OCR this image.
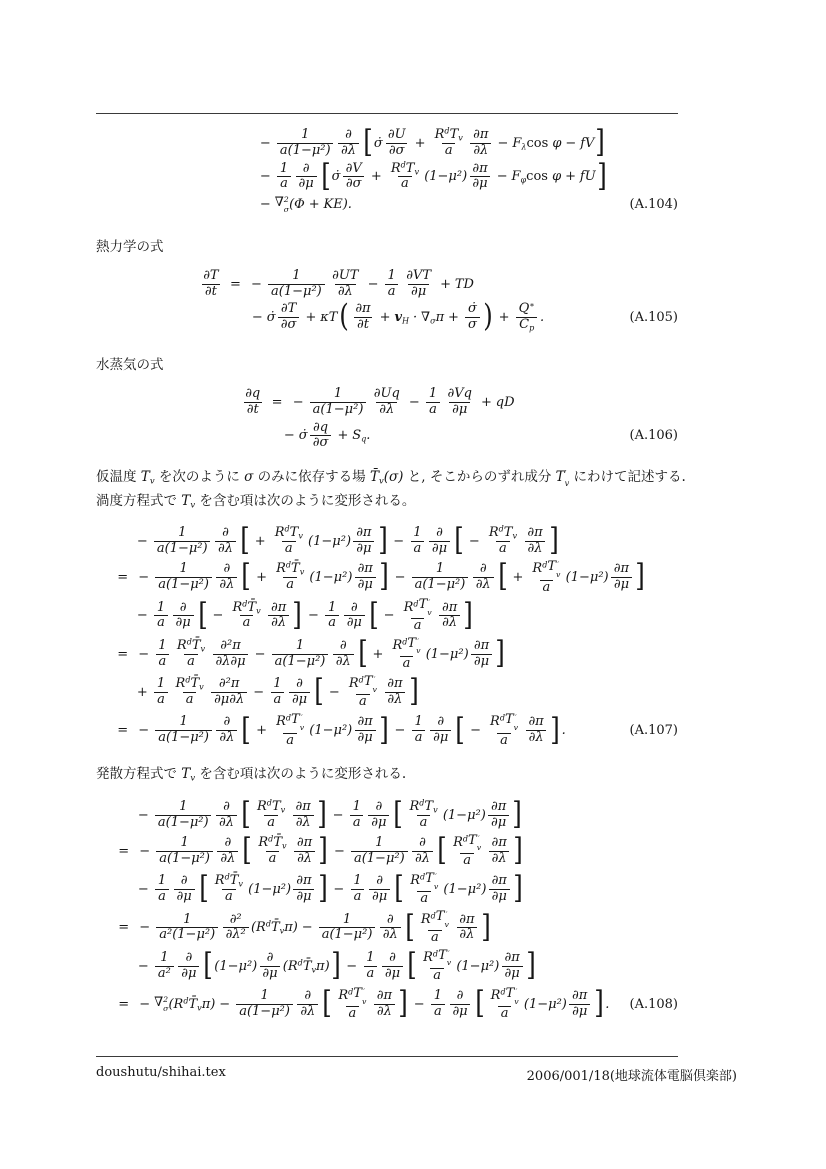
− $\frac{1}{\text{a(1−μ²)}}$ ∂
∂λ [ σ̇ $\frac{\partial U}{\partial\sigma}$ +
R d T v
a $\frac{\partial\pi}{\partial\lambda} - F$ λ cos φ − fV ]
− $\frac{1}{a}$ ∂
∂μ [ σ̇ $\frac{\partial V}{\partial\sigma}$ +
R d T v
a $(1-\mu^2) \frac{\partial\pi}{\partial\mu} - F$ φ cos φ + fU ]
− ∇ 2
σ (Φ + KE).	(A.104)
熱力学の式
$\frac{\partial T}{\partial t}$ = − $\frac{1}{\text{a(1−μ²)}} \frac{\partial UT}{\partial\lambda} - \frac{1}{a} \frac{\partial VT}{\partial\mu}$ + TD
− σ̇ $\frac{\partial T}{\partial\sigma} + \kappa T$ ( $\frac{\partial\pi}{\partial t} + v$ H · ∇ σ $\pi + \frac{\sigmȧ}{\sigma}$ ) + $\frac{Q ∗}{\text{C p}}$ .	(A.105)
水蒸気の式
$\frac{\partial q}{\partial t}$ = − $\frac{1}{\text{a(1−μ²)}} \frac{\partial Uq}{\partial\lambda} - \frac{1}{a} \frac{\partial Vq}{\partial\mu}$ + qD
− σ̇ $\frac{\partial q}{\partial\sigma} + S$ q .	(A.106)
仮温度 T v を次のように σ のみに依存する場 T̄ v (σ) と, そこからのずれ成分 T ′
v にわけて記述する.
渦度方程式で T v を含む項は次のように変形される。
− $\frac{1}{\text{a(1−μ²)}}$ ∂
∂λ [ +
R d T v
a $(1-\mu^2) \frac{\partial\pi}{\partial\mu}$ ] − $\frac{1}{a}$ ∂
∂μ [ −
R d T v
a $\frac{\partial\pi}{\partial\lambda}$ ]
= − $\frac{1}{\text{a(1−μ²)}}$ ∂
∂λ [ +
R d T̄ v
a $(1-\mu^2) \frac{\partial\pi}{\partial\mu}$ ] − $\frac{1}{\text{a(1−μ²)}}$ ∂
∂λ [ +
R d T ′
v
a
$(1-\mu^2) \frac{\partial\pi}{\partial\mu}$ ]
− $\frac{1}{a}$ ∂
∂μ [ −
R d T̄ v
a $\frac{\partial\pi}{\partial\lambda}$ ] − $\frac{1}{a}$ ∂
∂μ [ −
R d T ′
v
a $\frac{\partial\pi}{\partial\lambda}$ ]
= − $\frac{1}{a}$ R d T̄ v
a $\frac{\text{∂²π}}{\partial\lambda\partial\mu} - \frac{1}{\text{a(1−μ²)}}$ ∂
∂λ [ +
R d T ′
v
a
$(1-\mu^2) \frac{\partial\pi}{\partial\mu}$ ]
+ $\frac{1}{a}$ R d T̄ v
a $\frac{\text{∂²π}}{\partial\mu\partial\lambda} - \frac{1}{a}$ ∂
∂μ [ −
R d T ′
v
a $\frac{\partial\pi}{\partial\lambda}$ ]
= − $\frac{1}{\text{a(1−μ²)}}$ ∂
∂λ [ +
R d T ′
v
a
$(1-\mu^2) \frac{\partial\pi}{\partial\mu}$ ] − $\frac{1}{a}$ ∂
∂μ [ −
R d T ′
v
a $\frac{\partial\pi}{\partial\lambda}$ ] .	(A.107)
発散方程式で T v を含む項は次のように変形される.
− $\frac{1}{\text{a(1−μ²)}}$ ∂
∂λ [ R d T v
a $\frac{\partial\pi}{\partial\lambda}$ ] − $\frac{1}{a}$ ∂
∂μ [ R d T v
a $(1-\mu^2) \frac{\partial\pi}{\partial\mu}$ ]
= − $\frac{1}{\text{a(1−μ²)}}$ ∂
∂λ [ R d T̄ v
a $\frac{\partial\pi}{\partial\lambda}$ ] − $\frac{1}{\text{a(1−μ²)}}$ ∂
∂λ [ R d T ′
v
a $\frac{\partial\pi}{\partial\lambda}$ ]
− $\frac{1}{a}$ ∂
∂μ [ R d T̄ v
a $(1-\mu^2) \frac{\partial\pi}{\partial\mu}$ ] − $\frac{1}{a}$ ∂
∂μ [ R d T ′
v
a
$(1-\mu^2) \frac{\partial\pi}{\partial\mu}$ ]
= − $\frac{1}{\text{a²(1−μ²)}} \partial^2$
∂λ² ( R d T̄ v $\pi) - \frac{1}{\text{a(1−μ²)}}$ ∂
∂λ [ R d T ′
v
a $\frac{\partial\pi}{\partial\lambda}$ ]
− $\frac{1}{\text{a²}}$ ∂
∂μ [ (1−μ²)
∂
∂μ ( R d T̄ v π) ] − $\frac{1}{a}$ ∂
∂μ [ R d T ′
v
a
$(1-\mu^2) \frac{\partial\pi}{\partial\mu}$ ]
= − ∇ 2
σ ( R d T̄ v $\pi) - \frac{1}{\text{a(1−μ²)}}$ ∂
∂λ [ R d T ′
v
a $\frac{\partial\pi}{\partial\lambda}$ ] − $\frac{1}{a}$ ∂
∂μ [ R d T ′
v
a
$(1-\mu^2) \frac{\partial\pi}{\partial\mu}$ ] .	(A.108)
doushutu/shihai.tex	2006/001/18(地球流体電脳倶楽部)
